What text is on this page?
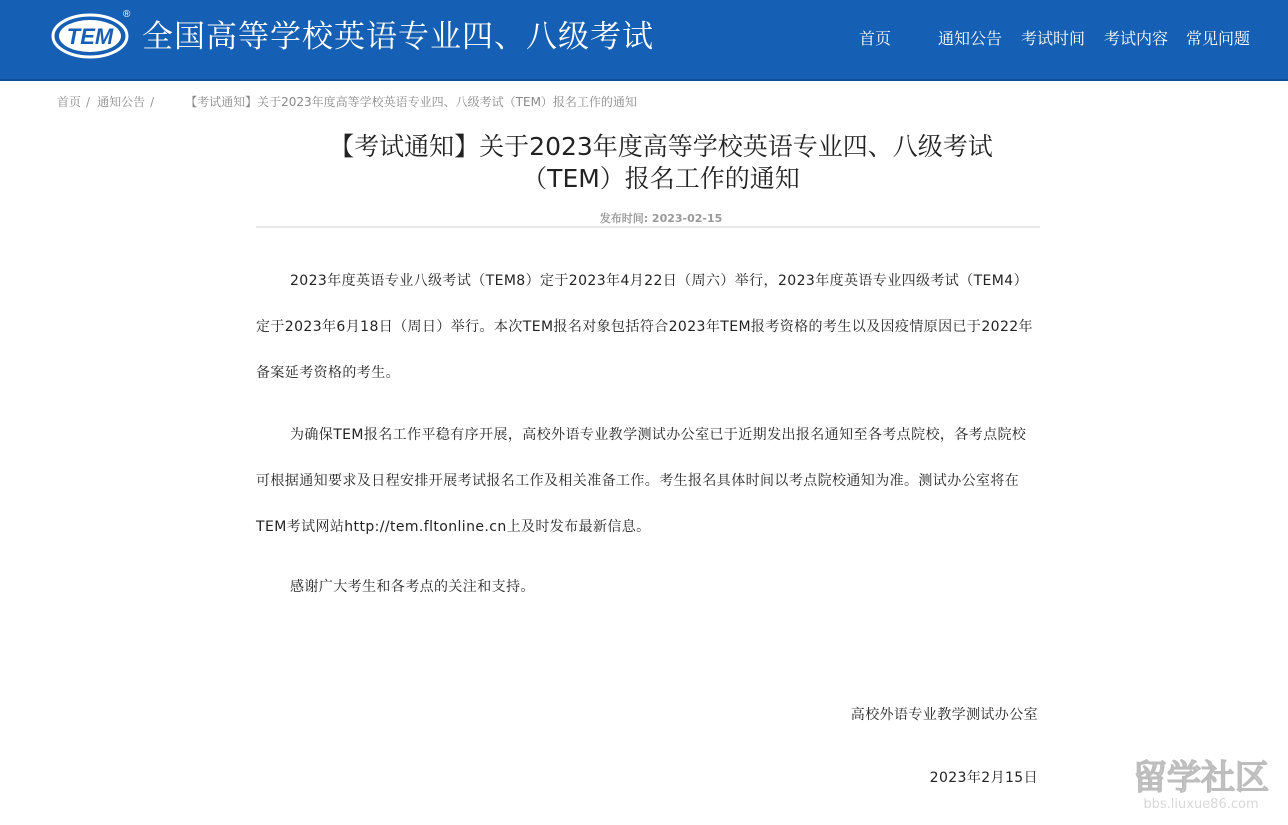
TEM
®
全国高等学校英语专业四、八级考试	首页	通知公告 考试时间 考试内容 常见问题
首页 / 通知公告 /	【考试通知】关于2023年度高等学校英语专业四、八级考试（TEM）报名工作的通知
【考试通知】关于2023年度高等学校英语专业四、八级考试
（TEM）报名工作的通知
发布时间: 2023-02-15

2023年度英语专业八级考试（TEM8）定于2023年4月22日（周六）举行，2023年度英语专业四级考试（TEM4）定于2023年6月18日（周日）举行。本次TEM报名对象包括符合2023年TEM报考资格的考生以及因疫情原因已于2022年备案延考资格的考生。

为确保TEM报名工作平稳有序开展，高校外语专业教学测试办公室已于近期发出报名通知至各考点院校，各考点院校可根据通知要求及日程安排开展考试报名工作及相关准备工作。考生报名具体时间以考点院校通知为准。测试办公室将在TEM考试网站http://tem.fltonline.cn上及时发布最新信息。

感谢广大考生和各考点的关注和支持。

高校外语专业教学测试办公室
2023年2月15日	留学社区
bbs.liuxue86.com
